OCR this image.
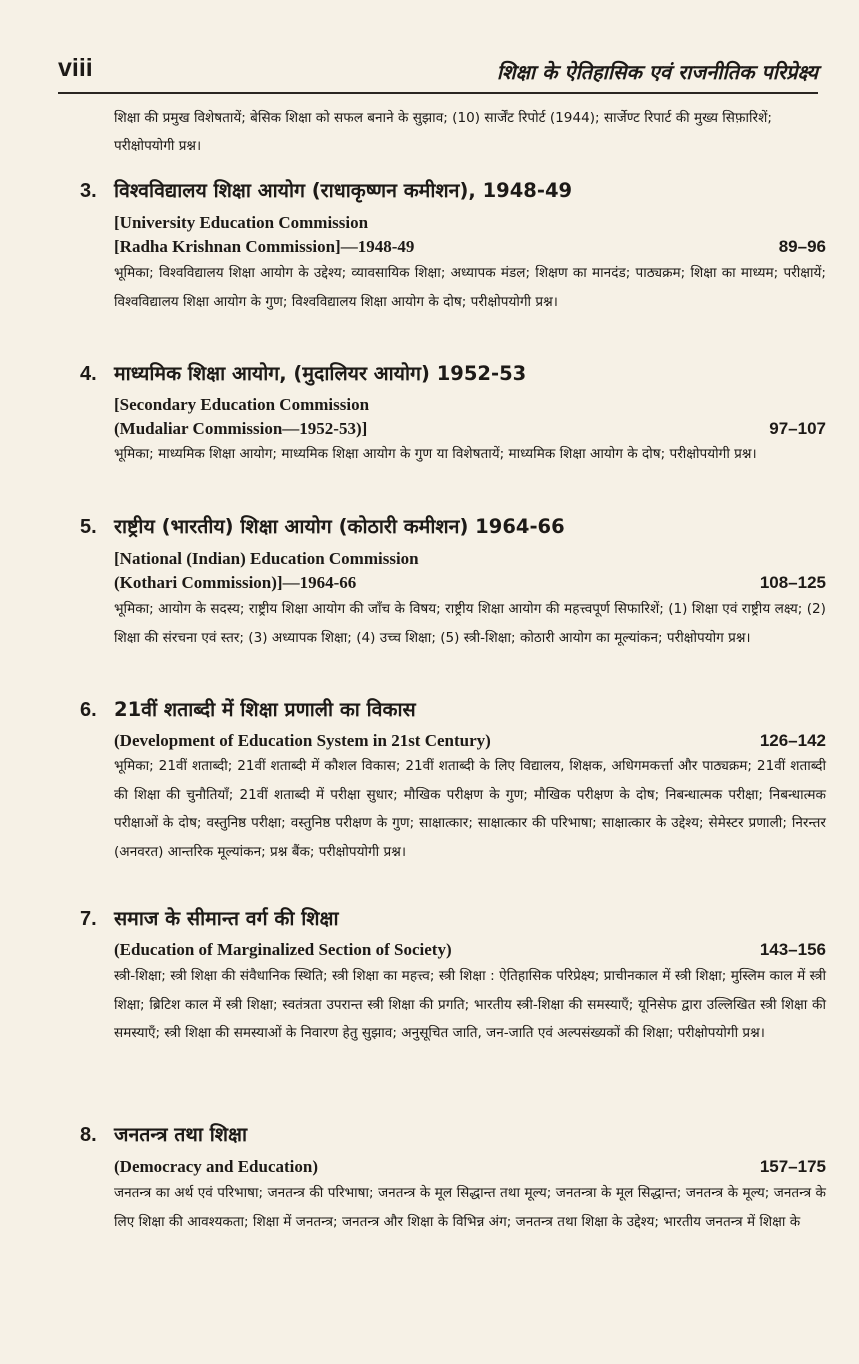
viii	शिक्षा के ऐतिहासिक एवं राजनीतिक परिप्रेक्ष्य
शिक्षा की प्रमुख विशेषतायें; बेसिक शिक्षा को सफल बनाने के सुझाव; (10) सार्जेंट रिपोर्ट (1944); सार्जेण्ट रिपार्ट की मुख्य सिफ़ारिशें; परीक्षोपयोगी प्रश्न।
3. विश्वविद्यालय शिक्षा आयोग (राधाकृष्णन कमीशन), 1948-49
[University Education Commission
[Radha Krishnan Commission]—1948-49	89–96
भूमिका; विश्वविद्यालय शिक्षा आयोग के उद्देश्य; व्यावसायिक शिक्षा; अध्यापक मंडल; शिक्षण का मानदंड; पाठ्यक्रम; शिक्षा का माध्यम; परीक्षायें; विश्वविद्यालय शिक्षा आयोग के गुण; विश्वविद्यालय शिक्षा आयोग के दोष; परीक्षोपयोगी प्रश्न।
4. माध्यमिक शिक्षा आयोग, (मुदालियर आयोग) 1952-53
[Secondary Education Commission
(Mudaliar Commission—1952-53)]	97–107
भूमिका; माध्यमिक शिक्षा आयोग; माध्यमिक शिक्षा आयोग के गुण या विशेषतायें; माध्यमिक शिक्षा आयोग के दोष; परीक्षोपयोगी प्रश्न।
5. राष्ट्रीय (भारतीय) शिक्षा आयोग (कोठारी कमीशन) 1964-66
[National (Indian) Education Commission
(Kothari Commission)]—1964-66	108–125
भूमिका; आयोग के सदस्य; राष्ट्रीय शिक्षा आयोग की जाँच के विषय; राष्ट्रीय शिक्षा आयोग की महत्त्वपूर्ण सिफारिशें; (1) शिक्षा एवं राष्ट्रीय लक्ष्य; (2) शिक्षा की संरचना एवं स्तर; (3) अध्यापक शिक्षा; (4) उच्च शिक्षा; (5) स्त्री-शिक्षा; कोठारी आयोग का मूल्यांकन; परीक्षोपयोग प्रश्न।
6. 21वीं शताब्दी में शिक्षा प्रणाली का विकास
(Development of Education System in 21st Century)	126–142
भूमिका; 21वीं शताब्दी; 21वीं शताब्दी में कौशल विकास; 21वीं शताब्दी के लिए विद्यालय, शिक्षक, अधिगमकर्त्ता और पाठ्यक्रम; 21वीं शताब्दी की शिक्षा की चुनौतियाँ; 21वीं शताब्दी में परीक्षा सुधार; मौखिक परीक्षण के गुण; मौखिक परीक्षण के दोष; निबन्धात्मक परीक्षा; निबन्धात्मक परीक्षाओं के दोष; वस्तुनिष्ठ परीक्षा; वस्तुनिष्ठ परीक्षण के गुण; साक्षात्कार; साक्षात्कार की परिभाषा; साक्षात्कार के उद्देश्य; सेमेस्टर प्रणाली; निरन्तर (अनवरत) आन्तरिक मूल्यांकन; प्रश्न बैंक; परीक्षोपयोगी प्रश्न।
7. समाज के सीमान्त वर्ग की शिक्षा
(Education of Marginalized Section of Society)	143–156
स्त्री-शिक्षा; स्त्री शिक्षा की संवैधानिक स्थिति; स्त्री शिक्षा का महत्त्व; स्त्री शिक्षा : ऐतिहासिक परिप्रेक्ष्य; प्राचीनकाल में स्त्री शिक्षा; मुस्लिम काल में स्त्री शिक्षा; ब्रिटिश काल में स्त्री शिक्षा; स्वतंत्रता उपरान्त स्त्री शिक्षा की प्रगति; भारतीय स्त्री-शिक्षा की समस्याएँ; यूनिसेफ द्वारा उल्लिखित स्त्री शिक्षा की समस्याएँ; स्त्री शिक्षा की समस्याओं के निवारण हेतु सुझाव; अनुसूचित जाति, जन-जाति एवं अल्पसंख्यकों की शिक्षा; परीक्षोपयोगी प्रश्न।
8. जनतन्त्र तथा शिक्षा
(Democracy and Education)	157–175
जनतन्त्र का अर्थ एवं परिभाषा; जनतन्त्र की परिभाषा; जनतन्त्र के मूल सिद्धान्त तथा मूल्य; जनतन्त्रा के मूल सिद्धान्त; जनतन्त्र के मूल्य; जनतन्त्र के लिए शिक्षा की आवश्यकता; शिक्षा में जनतन्त्र; जनतन्त्र और शिक्षा के विभिन्न अंग; जनतन्त्र तथा शिक्षा के उद्देश्य; भारतीय जनतन्त्र में शिक्षा के
